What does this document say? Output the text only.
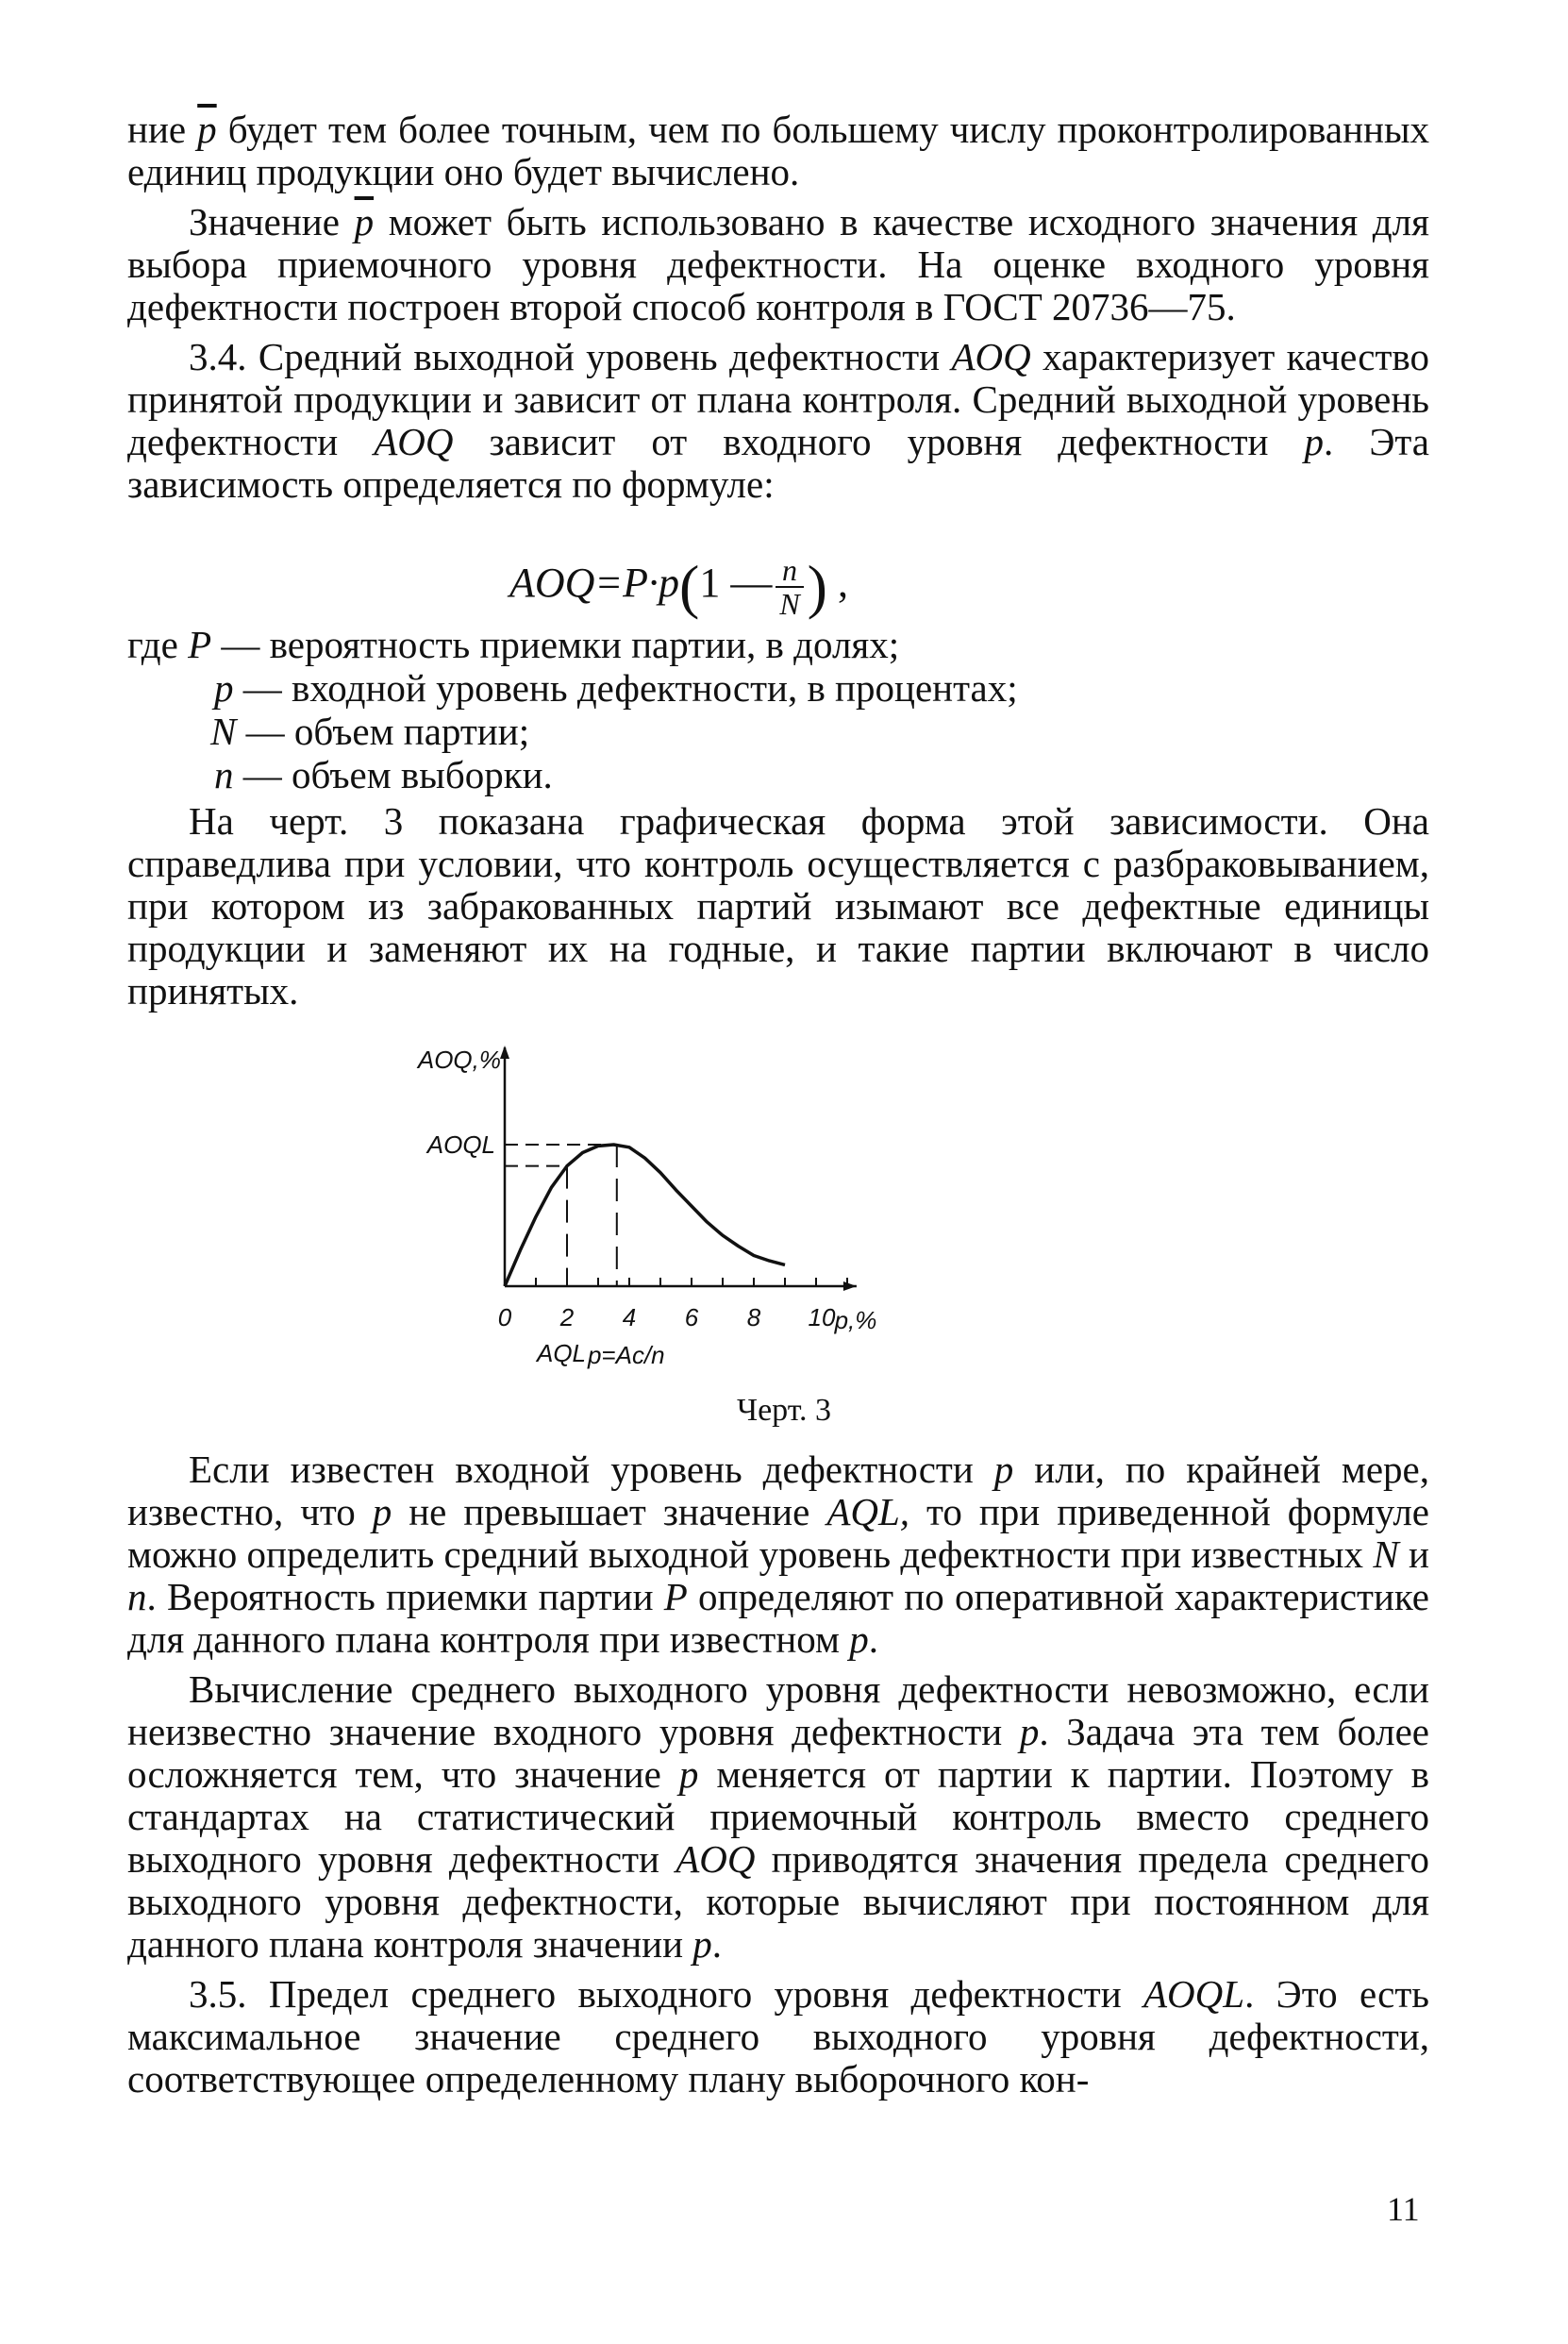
ние $\overline{p}$ будет тем более точным, чем по большему числу проконтролированных единиц продукции оно будет вычислено.

Значение $\overline{p}$ может быть использовано в качестве исходного значения для выбора приемочного уровня дефектности. На оценке входного уровня дефектности построен второй способ контроля в ГОСТ 20736—75.

3.4. Средний выходной уровень дефектности AOQ характеризует качество принятой продукции и зависит от плана контроля. Средний выходной уровень дефектности AOQ зависит от входного уровня дефектности p. Эта зависимость определяется по формуле:

AOQ=P·p(1 — $\frac{n}{N}$ ) ,
где P — вероятность приемки партии, в долях;
p — входной уровень дефектности, в процентах;
N — объем партии;
n — объем выборки.

На черт. 3 показана графическая форма этой зависимости. Она справедлива при условии, что контроль осуществляется с разбраковыванием, при котором из забракованных партий изымают все дефектные единицы продукции и заменяют их на годные, и такие партии включают в число принятых.

AOQ,%
AOQL
0 2 4 6 8 10 p,%
AQL p=Ac/n
Черт. 3

Если известен входной уровень дефектности p или, по крайней мере, известно, что p не превышает значение AQL, то при приведенной формуле можно определить средний выходной уровень дефектности при известных N и n. Вероятность приемки партии P определяют по оперативной характеристике для данного плана контроля при известном p.

Вычисление среднего выходного уровня дефектности невозможно, если неизвестно значение входного уровня дефектности p. Задача эта тем более осложняется тем, что значение p меняется от партии к партии. Поэтому в стандартах на статистический приемочный контроль вместо среднего выходного уровня дефектности AOQ приводятся значения предела среднего выходного уровня дефектности, которые вычисляют при постоянном для данного плана контроля значении p.

3.5. Предел среднего выходного уровня дефектности AOQL. Это есть максимальное значение среднего выходного уровня дефектности, соответствующее определенному плану выборочного кон-

11
